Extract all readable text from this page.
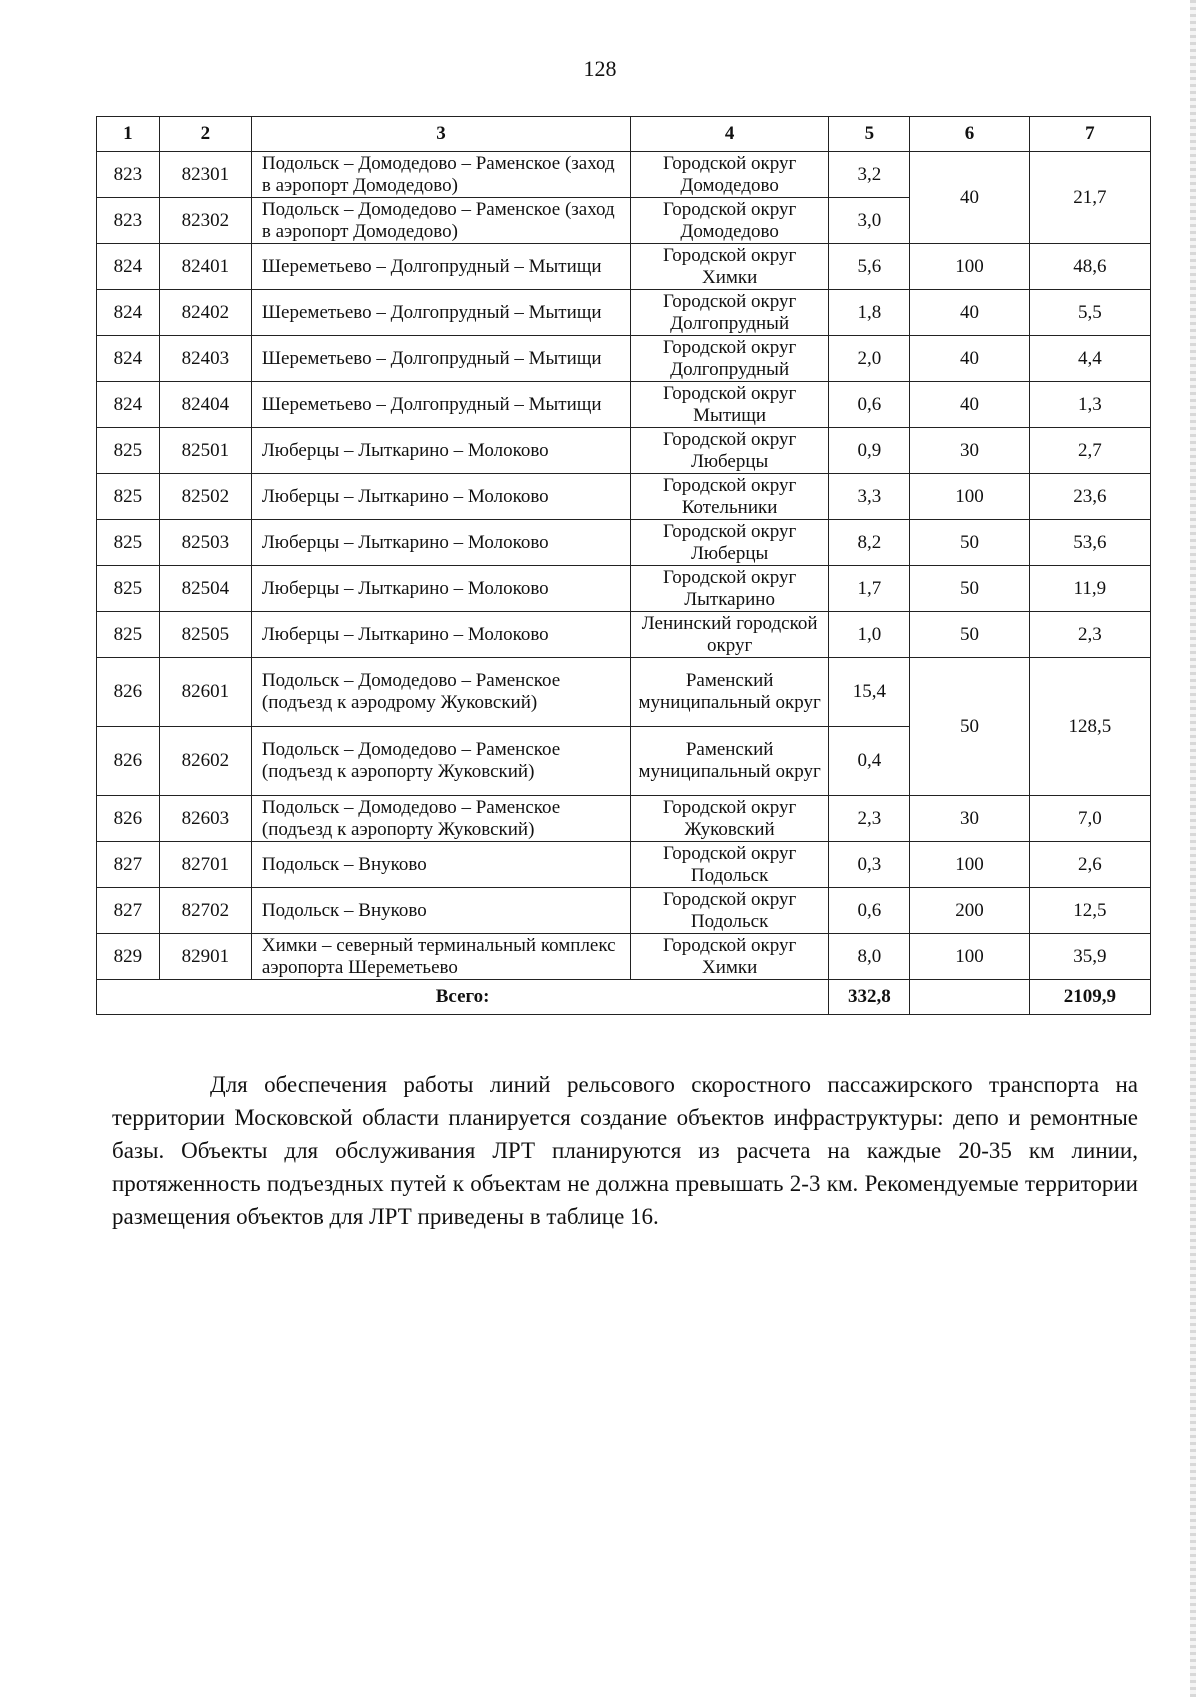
128
1	2	3	4	5	6	7
823	82301	Подольск – Домодедово – Раменское (заход в аэропорт Домодедово)	Городской округ Домодедово	3,2	40	21,7
823	82302	Подольск – Домодедово – Раменское (заход в аэропорт Домодедово)	Городской округ Домодедово	3,0		
824	82401	Шереметьево – Долгопрудный – Мытищи	Городской округ Химки	5,6	100	48,6
824	82402	Шереметьево – Долгопрудный – Мытищи	Городской округ Долгопрудный	1,8	40	5,5
824	82403	Шереметьево – Долгопрудный – Мытищи	Городской округ Долгопрудный	2,0	40	4,4
824	82404	Шереметьево – Долгопрудный – Мытищи	Городской округ Мытищи	0,6	40	1,3
825	82501	Люберцы – Лыткарино – Молоково	Городской округ Люберцы	0,9	30	2,7
825	82502	Люберцы – Лыткарино – Молоково	Городской округ Котельники	3,3	100	23,6
825	82503	Люберцы – Лыткарино – Молоково	Городской округ Люберцы	8,2	50	53,6
825	82504	Люберцы – Лыткарино – Молоково	Городской округ Лыткарино	1,7	50	11,9
825	82505	Люберцы – Лыткарино – Молоково	Ленинский городской округ	1,0	50	2,3
826	82601	Подольск – Домодедово – Раменское (подъезд к аэродрому Жуковский)	Раменский муниципальный округ	15,4	50	128,5
826	82602	Подольск – Домодедово – Раменское (подъезд к аэропорту Жуковский)	Раменский муниципальный округ	0,4		
826	82603	Подольск – Домодедово – Раменское (подъезд к аэропорту Жуковский)	Городской округ Жуковский	2,3	30	7,0
827	82701	Подольск – Внуково	Городской округ Подольск	0,3	100	2,6
827	82702	Подольск – Внуково	Городской округ Подольск	0,6	200	12,5
829	82901	Химки – северный терминальный комплекс аэропорта Шереметьево	Городской округ Химки	8,0	100	35,9
Всего:				332,8		2109,9
Для обеспечения работы линий рельсового скоростного пассажирского транспорта на территории Московской области планируется создание объектов инфраструктуры: депо и ремонтные базы. Объекты для обслуживания ЛРТ планируются из расчета на каждые 20-35 км линии, протяженность подъездных путей к объектам не должна превышать 2-3 км. Рекомендуемые территории размещения объектов для ЛРТ приведены в таблице 16.
